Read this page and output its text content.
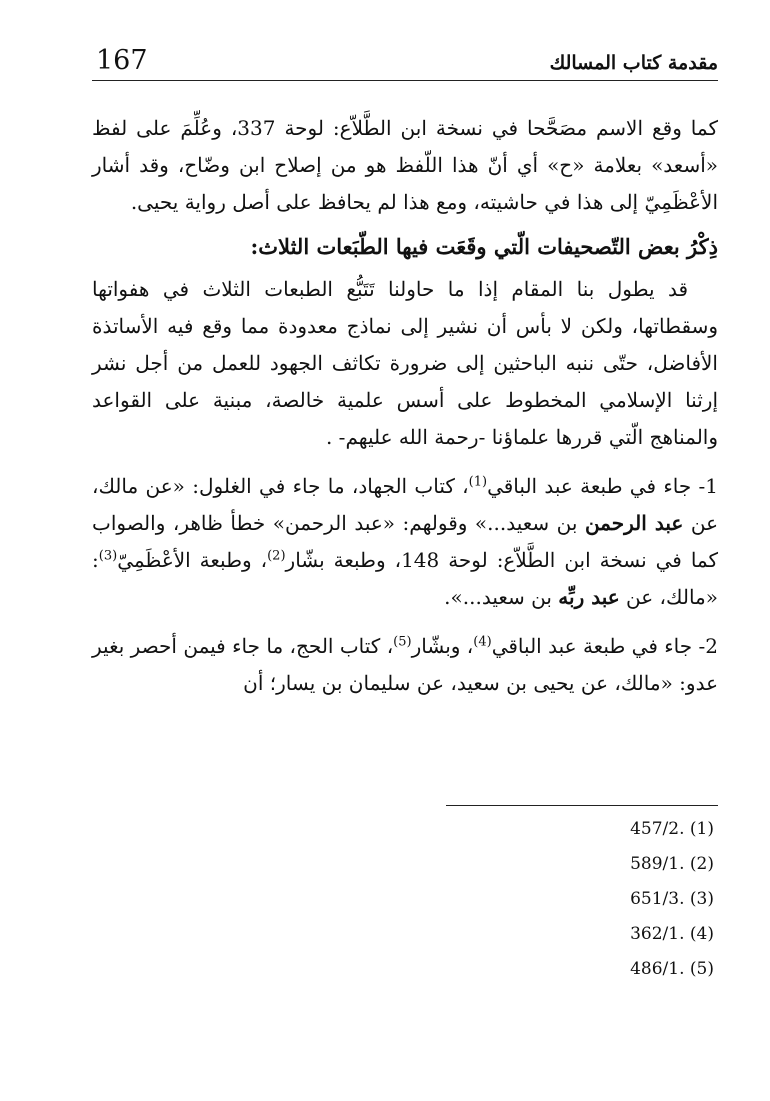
167	مقدمة كتاب المسالك

كما وقع الاسم مصَحَّحا في نسخة ابن الطَّلاّع: لوحة 337، وعُلِّمَ على لفظ «أسعد» بعلامة «ح» أي أنّ هذا اللّفظ هو من إصلاح ابن وضّاح، وقد أشار الأعْظَمِيّ إلى هذا في حاشيته، ومع هذا لم يحافظ على أصل رواية يحيى.

ذِكْرُ بعض التّصحيفات الّتي وقَعَت فيها الطّبَعات الثلاث:

قد يطول بنا المقام إذا ما حاولنا تَتَبُّع الطبعات الثلاث في هفواتها وسقطاتها، ولكن لا بأس أن نشير إلى نماذج معدودة مما وقع فيه الأساتذة الأفاضل، حتّى ننبه الباحثين إلى ضرورة تكاثف الجهود للعمل من أجل نشر إرثنا الإسلامي المخطوط على أسس علمية خالصة، مبنية على القواعد والمناهج الّتي قررها علماؤنا -رحمة الله عليهم- .

1- جاء في طبعة عبد الباقي$^{(1)}$، كتاب الجهاد، ما جاء في الغلول: «عن مالك، عن عبد الرحمن بن سعيد...» وقولهم: «عبد الرحمن» خطأ ظاهر، والصواب كما في نسخة ابن الطَّلاّع: لوحة 148، وطبعة بشّار$^{(2)}$، وطبعة الأعْظَمِيّ$^{(3)}$: «مالك، عن عبد ربِّه بن سعيد...».

2- جاء في طبعة عبد الباقي$^{(4)}$، وبشّار$^{(5)}$، كتاب الحج، ما جاء فيمن أحصر بغير عدو: «مالك، عن يحيى بن سعيد، عن سليمان بن يسار؛ أن

(1) .457/2
(2) .589/1
(3) .651/3
(4) .362/1
(5) .486/1
